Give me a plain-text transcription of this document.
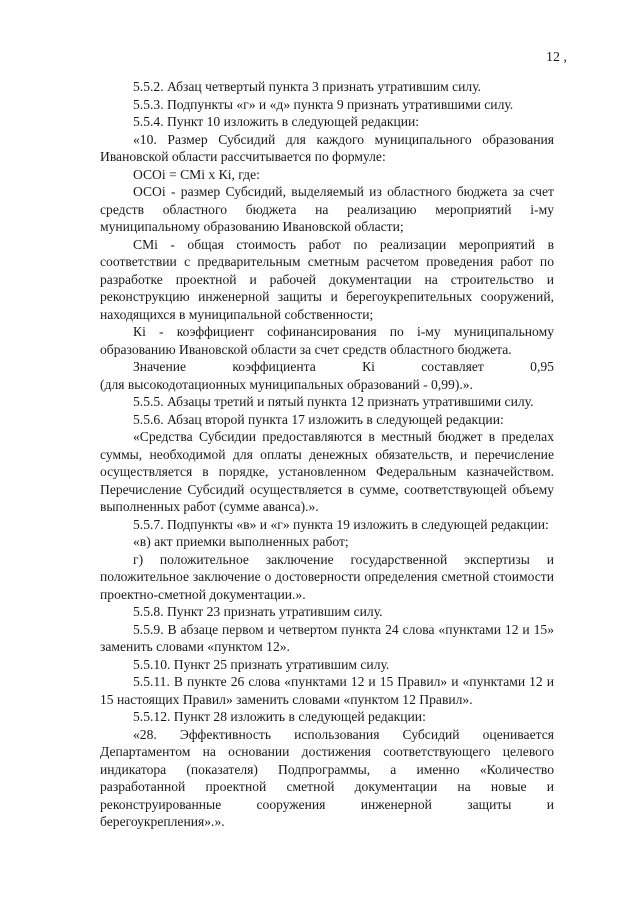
12 ,

5.5.2. Абзац четвертый пункта 3 признать утратившим силу.

5.5.3. Подпункты «г» и «д» пункта 9 признать утратившими силу.

5.5.4. Пункт 10 изложить в следующей редакции:

«10. Размер Субсидий для каждого муниципального образования Ивановской области рассчитывается по формуле:

ОСОi = СМi x Кi, где:

ОСОi - размер Субсидий, выделяемый из областного бюджета за счет средств областного бюджета на реализацию мероприятий i-му муниципальному образованию Ивановской области;

СМi - общая стоимость работ по реализации мероприятий в соответствии с предварительным сметным расчетом проведения работ по разработке проектной и рабочей документации на строительство и реконструкцию инженерной защиты и берегоукрепительных сооружений, находящихся в муниципальной собственности;

Кi - коэффициент софинансирования по i-му муниципальному образованию Ивановской области за счет средств областного бюджета.

Значение	коэффициента	Кi	составляет	0,95

(для высокодотационных муниципальных образований - 0,99).».

5.5.5. Абзацы третий и пятый пункта 12 признать утратившими силу.

5.5.6. Абзац второй пункта 17 изложить в следующей редакции:

«Средства Субсидии предоставляются в местный бюджет в пределах суммы, необходимой для оплаты денежных обязательств, и перечисление осуществляется в порядке, установленном Федеральным казначейством. Перечисление Субсидий осуществляется в сумме, соответствующей объему выполненных работ (сумме аванса).».

5.5.7. Подпункты «в» и «г» пункта 19 изложить в следующей редакции:

«в) акт приемки выполненных работ;

г) положительное заключение государственной экспертизы и положительное заключение о достоверности определения сметной стоимости проектно-сметной документации.».

5.5.8. Пункт 23 признать утратившим силу.

5.5.9. В абзаце первом и четвертом пункта 24 слова «пунктами 12 и 15» заменить словами «пунктом 12».

5.5.10. Пункт 25 признать утратившим силу.

5.5.11. В пункте 26 слова «пунктами 12 и 15 Правил» и «пунктами 12 и 15 настоящих Правил» заменить словами «пунктом 12 Правил».

5.5.12. Пункт 28 изложить в следующей редакции:

«28. Эффективность использования Субсидий оценивается Департаментом на основании достижения соответствующего целевого индикатора (показателя) Подпрограммы, а именно «Количество разработанной проектной сметной документации на новые и реконструированные сооружения инженерной защиты и берегоукрепления».».
